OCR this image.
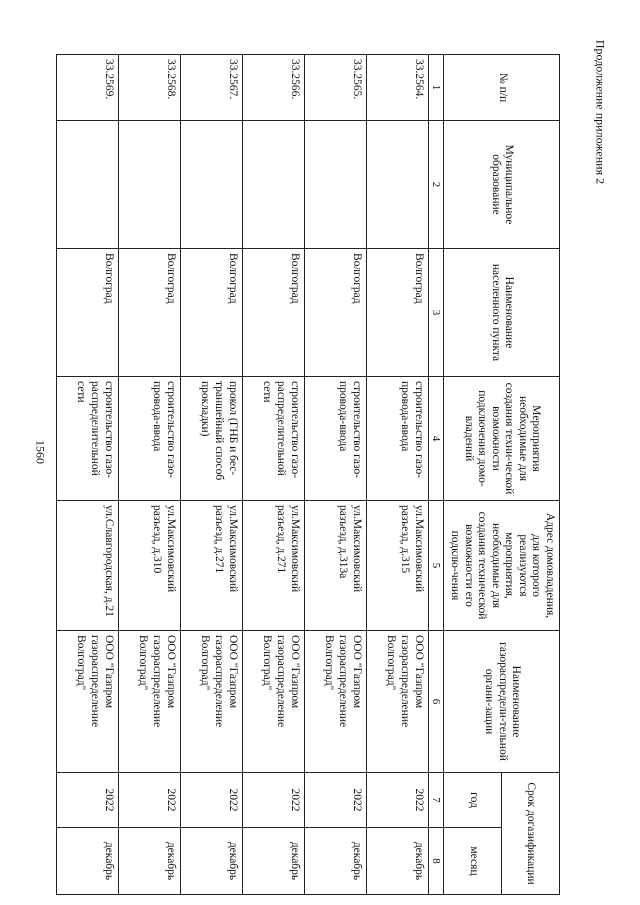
1560
Продолжение приложения 2
№ п/п	Муниципальное образование	Наименование населенного пункта	Мероприятия необходимые для создания техни-ческой возможности подключения домо-владений	Адрес домовладения, для которого реализуются мероприятия, необходимые для создания технической возможности его подклю-чения	Наименование газораспредели-тельной органи-зации	Срок догазификации	
						год	месяц
1	2	3	4	5	6	7	8
33.2564.		Волгоград	строительство газо-провода-ввода	ул.Максимовский разъезд, д.315	ООО "Газпром газораспределение Волгоград"	2022	декабрь
33.2565.		Волгоград	строительство газо-провода-ввода	ул.Максимовский разъезд, д.313а	ООО "Газпром газораспределение Волгоград"	2022	декабрь
33.2566.		Волгоград	строительство газо-распределительной сети	ул.Максимовский разъезд, д.271	ООО "Газпром газораспределение Волгоград"	2022	декабрь
33.2567.		Волгоград	прокол (ГНБ и бес-траншейный способ прокладки)	ул.Максимовский разъезд, д.271	ООО "Газпром газораспределение Волгоград"	2022	декабрь
33.2568.		Волгоград	строительство газо-провода-ввода	ул.Максимовский разъезд, д.310	ООО "Газпром газораспределение Волгоград"	2022	декабрь
33.2569.		Волгоград	строительство газо-распределительной сети	ул.Славгородская, д.21	ООО "Газпром газораспределение Волгоград"	2022	декабрь
